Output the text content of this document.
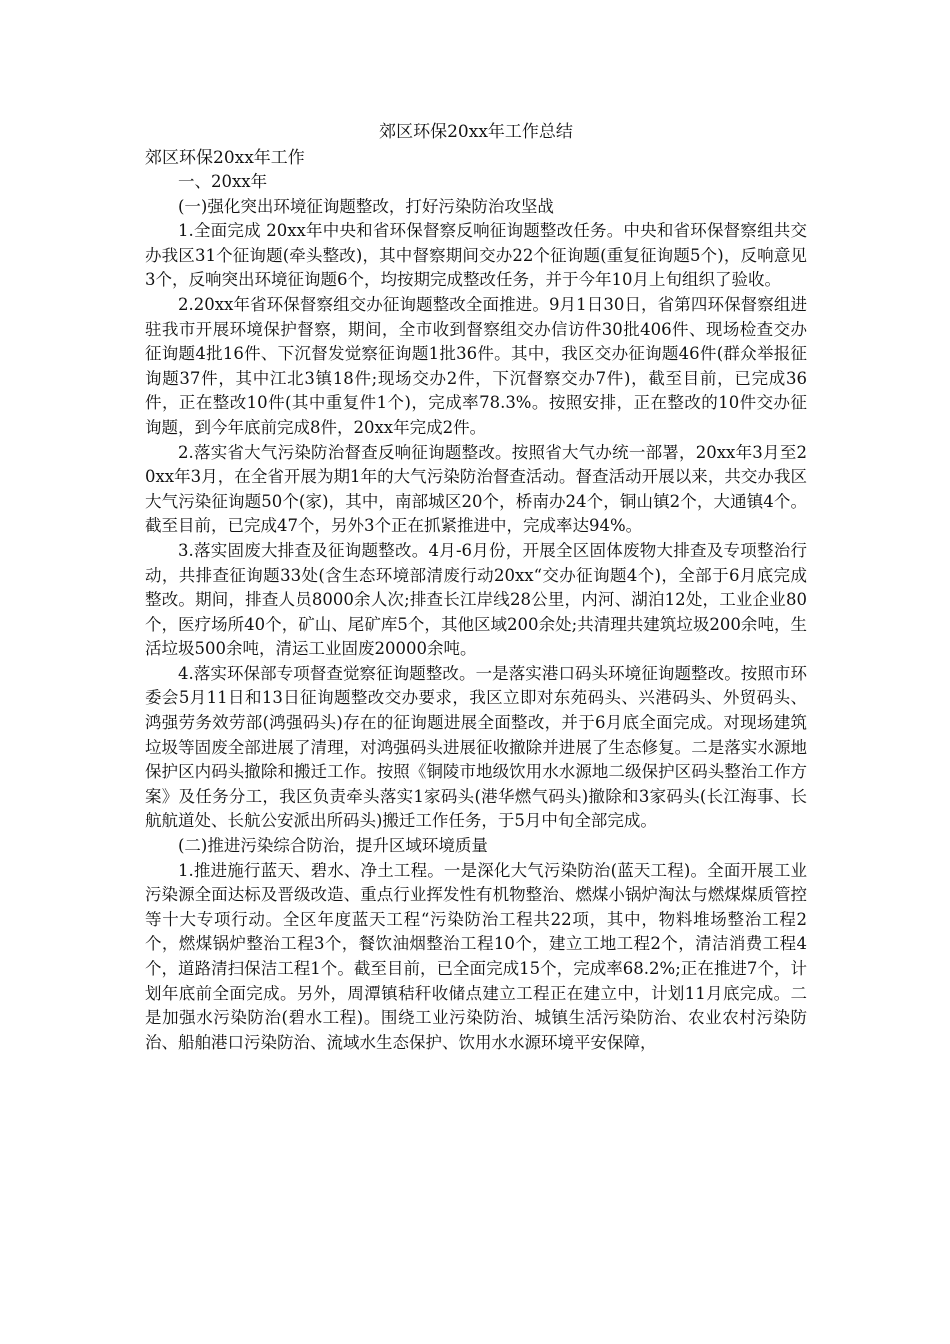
郊区环保20xx年工作总结

郊区环保20xx年工作

一、20xx年

(一)强化突出环境征询题整改，打好污染防治攻坚战

1.全面完成 20xx年中央和省环保督察反响征询题整改任务。中央和省环保督察组共交办我区31个征询题(牵头整改)，其中督察期间交办22个征询题(重复征询题5个)，反响意见3个，反响突出环境征询题6个，均按期完成整改任务，并于今年10月上旬组织了验收。

2.20xx年省环保督察组交办征询题整改全面推进。9月1日30日，省第四环保督察组进驻我市开展环境保护督察，期间，全市收到督察组交办信访件30批406件、现场检查交办征询题4批16件、下沉督发觉察征询题1批36件。其中，我区交办征询题46件(群众举报征询题37件，其中江北3镇18件;现场交办2件，下沉督察交办7件)，截至目前，已完成36件，正在整改10件(其中重复件1个)，完成率78.3%。按照安排，正在整改的10件交办征询题，到今年底前完成8件，20xx年完成2件。

2.落实省大气污染防治督查反响征询题整改。按照省大气办统一部署，20xx年3月至20xx年3月，在全省开展为期1年的大气污染防治督查活动。督查活动开展以来，共交办我区大气污染征询题50个(家)，其中，南部城区20个，桥南办24个，铜山镇2个，大通镇4个。截至目前，已完成47个，另外3个正在抓紧推进中，完成率达94%。

3.落实固废大排查及征询题整改。4月-6月份，开展全区固体废物大排查及专项整治行动，共排查征询题33处(含生态环境部清废行动20xx“交办征询题4个)，全部于6月底完成整改。期间，排查人员8000余人次;排查长江岸线28公里，内河、湖泊12处，工业企业80个，医疗场所40个，矿山、尾矿库5个，其他区域200余处;共清理共建筑垃圾200余吨，生活垃圾500余吨，清运工业固废20000余吨。

4.落实环保部专项督查觉察征询题整改。一是落实港口码头环境征询题整改。按照市环委会5月11日和13日征询题整改交办要求，我区立即对东苑码头、兴港码头、外贸码头、鸿强劳务效劳部(鸿强码头)存在的征询题进展全面整改，并于6月底全面完成。对现场建筑垃圾等固废全部进展了清理，对鸿强码头进展征收撤除并进展了生态修复。二是落实水源地保护区内码头撤除和搬迁工作。按照《铜陵市地级饮用水水源地二级保护区码头整治工作方案》及任务分工，我区负责牵头落实1家码头(港华燃气码头)撤除和3家码头(长江海事、长航航道处、长航公安派出所码头)搬迁工作任务，于5月中旬全部完成。

(二)推进污染综合防治，提升区域环境质量

1.推进施行蓝天、碧水、净土工程。一是深化大气污染防治(蓝天工程)。全面开展工业污染源全面达标及晋级改造、重点行业挥发性有机物整治、燃煤小锅炉淘汰与燃煤煤质管控等十大专项行动。全区年度蓝天工程“污染防治工程共22项，其中，物料堆场整治工程2个，燃煤锅炉整治工程3个，餐饮油烟整治工程10个，建立工地工程2个，清洁消费工程4个，道路清扫保洁工程1个。截至目前，已全面完成15个，完成率68.2%;正在推进7个，计划年底前全面完成。另外，周潭镇秸秆收储点建立工程正在建立中，计划11月底完成。二是加强水污染防治(碧水工程)。围绕工业污染防治、城镇生活污染防治、农业农村污染防治、船舶港口污染防治、流域水生态保护、饮用水水源环境平安保障，
